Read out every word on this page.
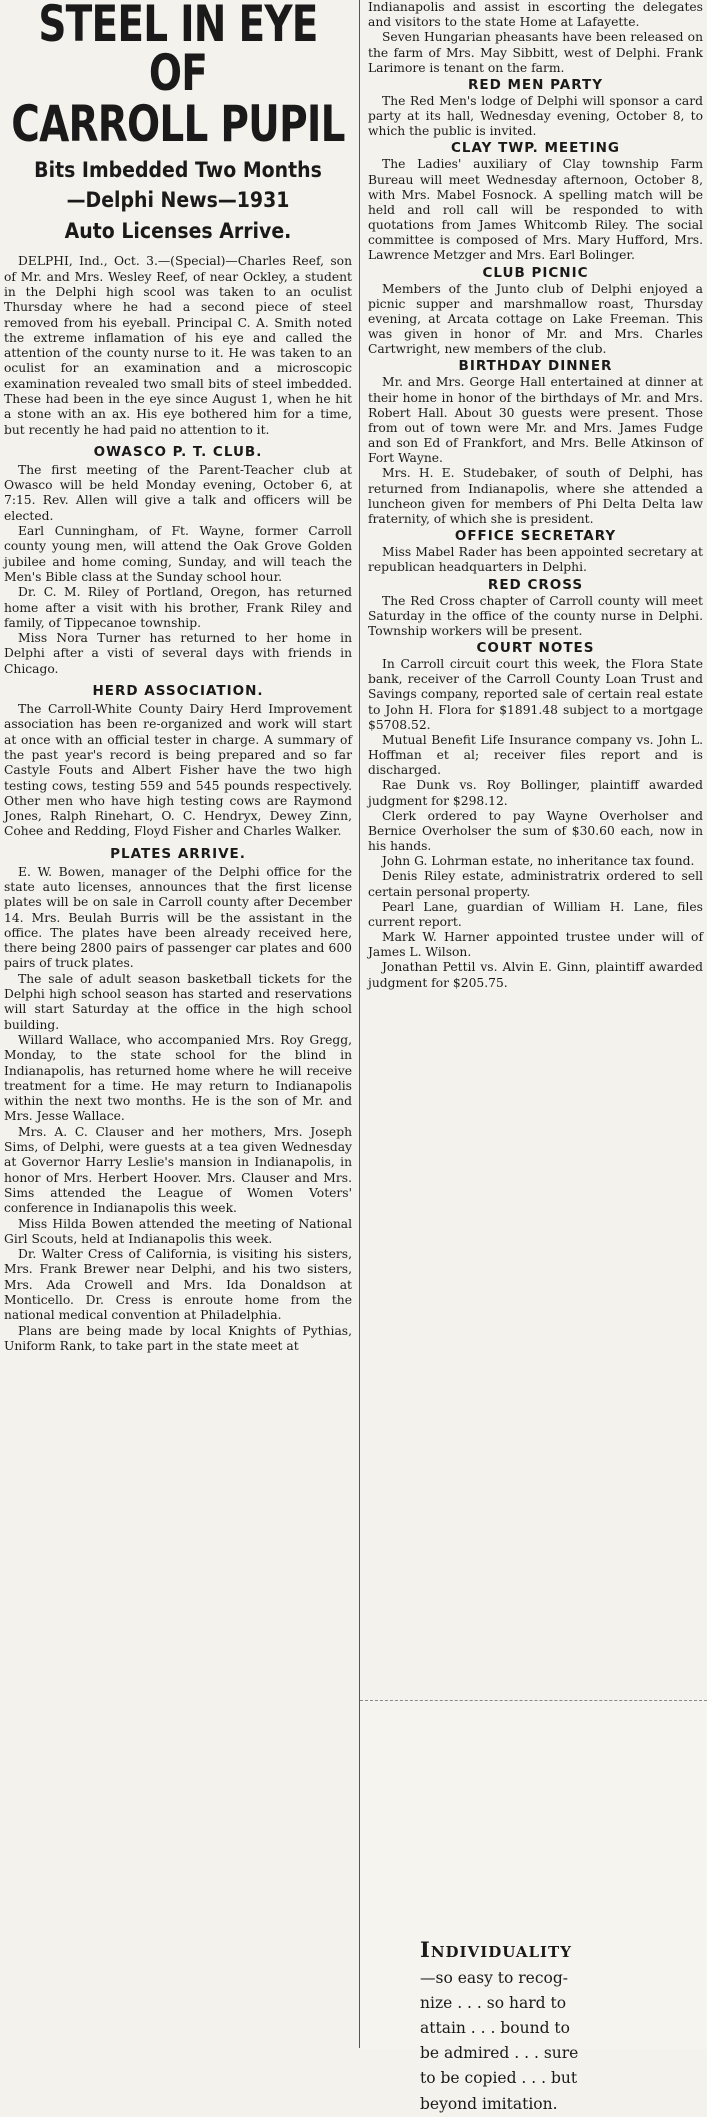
STEEL IN EYE OF
CARROLL PUPIL
Bits Imbedded Two Months
—Delphi News—1931
Auto Licenses Arrive.

DELPHI, Ind., Oct. 3.—(Special)—Charles Reef, son of Mr. and Mrs. Wesley Reef, of near Ockley, a student in the Delphi high scool was taken to an oculist Thursday where he had a second piece of steel removed from his eyeball. Principal C. A. Smith noted the extreme inflamation of his eye and called the attention of the county nurse to it. He was taken to an oculist for an examination and a microscopic examination revealed two small bits of steel imbedded. These had been in the eye since August 1, when he hit a stone with an ax. His eye bothered him for a time, but recently he had paid no attention to it.

OWASCO P. T. CLUB.

The first meeting of the Parent-Teacher club at Owasco will be held Monday evening, October 6, at 7:15. Rev. Allen will give a talk and officers will be elected.

Earl Cunningham, of Ft. Wayne, former Carroll county young men, will attend the Oak Grove Golden jubilee and home coming, Sunday, and will teach the Men's Bible class at the Sunday school hour.

Dr. C. M. Riley of Portland, Oregon, has returned home after a visit with his brother, Frank Riley and family, of Tippecanoe township.

Miss Nora Turner has returned to her home in Delphi after a visti of several days with friends in Chicago.

HERD ASSOCIATION.

The Carroll-White County Dairy Herd Improvement association has been re-organized and work will start at once with an official tester in charge. A summary of the past year's record is being prepared and so far Castyle Fouts and Albert Fisher have the two high testing cows, testing 559 and 545 pounds respectively. Other men who have high testing cows are Raymond Jones, Ralph Rinehart, O. C. Hendryx, Dewey Zinn, Cohee and Redding, Floyd Fisher and Charles Walker.

PLATES ARRIVE.

E. W. Bowen, manager of the Delphi office for the state auto licenses, announces that the first license plates will be on sale in Carroll county after December 14. Mrs. Beulah Burris will be the assistant in the office. The plates have been already received here, there being 2800 pairs of passenger car plates and 600 pairs of truck plates.

The sale of adult season basketball tickets for the Delphi high school season has started and reservations will start Saturday at the office in the high school building.

Willard Wallace, who accompanied Mrs. Roy Gregg, Monday, to the state school for the blind in Indianapolis, has returned home where he will receive treatment for a time. He may return to Indianapolis within the next two months. He is the son of Mr. and Mrs. Jesse Wallace.

Mrs. A. C. Clauser and her mothers, Mrs. Joseph Sims, of Delphi, were guests at a tea given Wednesday at Governor Harry Leslie's mansion in Indianapolis, in honor of Mrs. Herbert Hoover. Mrs. Clauser and Mrs. Sims attended the League of Women Voters' conference in Indianapolis this week.

Miss Hilda Bowen attended the meeting of National Girl Scouts, held at Indianapolis this week.

Dr. Walter Cress of California, is visiting his sisters, Mrs. Frank Brewer near Delphi, and his two sisters, Mrs. Ada Crowell and Mrs. Ida Donaldson at Monticello. Dr. Cress is enroute home from the national medical convention at Philadelphia.

Plans are being made by local Knights of Pythias, Uniform Rank, to take part in the state meet at

Indianapolis and assist in escorting the delegates and visitors to the state Home at Lafayette.

Seven Hungarian pheasants have been released on the farm of Mrs. May Sibbitt, west of Delphi. Frank Larimore is tenant on the farm.

RED MEN PARTY

The Red Men's lodge of Delphi will sponsor a card party at its hall, Wednesday evening, October 8, to which the public is invited.

CLAY TWP. MEETING

The Ladies' auxiliary of Clay township Farm Bureau will meet Wednesday afternoon, October 8, with Mrs. Mabel Fosnock. A spelling match will be held and roll call will be responded to with quotations from James Whitcomb Riley. The social committee is composed of Mrs. Mary Hufford, Mrs. Lawrence Metzger and Mrs. Earl Bolinger.

CLUB PICNIC

Members of the Junto club of Delphi enjoyed a picnic supper and marshmallow roast, Thursday evening, at Arcata cottage on Lake Freeman. This was given in honor of Mr. and Mrs. Charles Cartwright, new members of the club.

BIRTHDAY DINNER

Mr. and Mrs. George Hall entertained at dinner at their home in honor of the birthdays of Mr. and Mrs. Robert Hall. About 30 guests were present. Those from out of town were Mr. and Mrs. James Fudge and son Ed of Frankfort, and Mrs. Belle Atkinson of Fort Wayne.

Mrs. H. E. Studebaker, of south of Delphi, has returned from Indianapolis, where she attended a luncheon given for members of Phi Delta Delta law fraternity, of which she is president.

OFFICE SECRETARY

Miss Mabel Rader has been appointed secretary at republican headquarters in Delphi.

RED CROSS

The Red Cross chapter of Carroll county will meet Saturday in the office of the county nurse in Delphi. Township workers will be present.

COURT NOTES

In Carroll circuit court this week, the Flora State bank, receiver of the Carroll County Loan Trust and Savings company, reported sale of certain real estate to John H. Flora for $1891.48 subject to a mortgage $5708.52.

Mutual Benefit Life Insurance company vs. John L. Hoffman et al; receiver files report and is discharged.

Rae Dunk vs. Roy Bollinger, plaintiff awarded judgment for $298.12.

Clerk ordered to pay Wayne Overholser and Bernice Overholser the sum of $30.60 each, now in his hands.

John G. Lohrman estate, no inheritance tax found.

Denis Riley estate, administratrix ordered to sell certain personal property.

Pearl Lane, guardian of William H. Lane, files current report.

Mark W. Harner appointed trustee under will of James L. Wilson.

Jonathan Pettil vs. Alvin E. Ginn, plaintiff awarded judgment for $205.75.

Individuality

—so easy to recog-

nize . . . so hard to

attain . . . bound to

be admired . . . sure

to be copied . . . but

beyond imitation.
